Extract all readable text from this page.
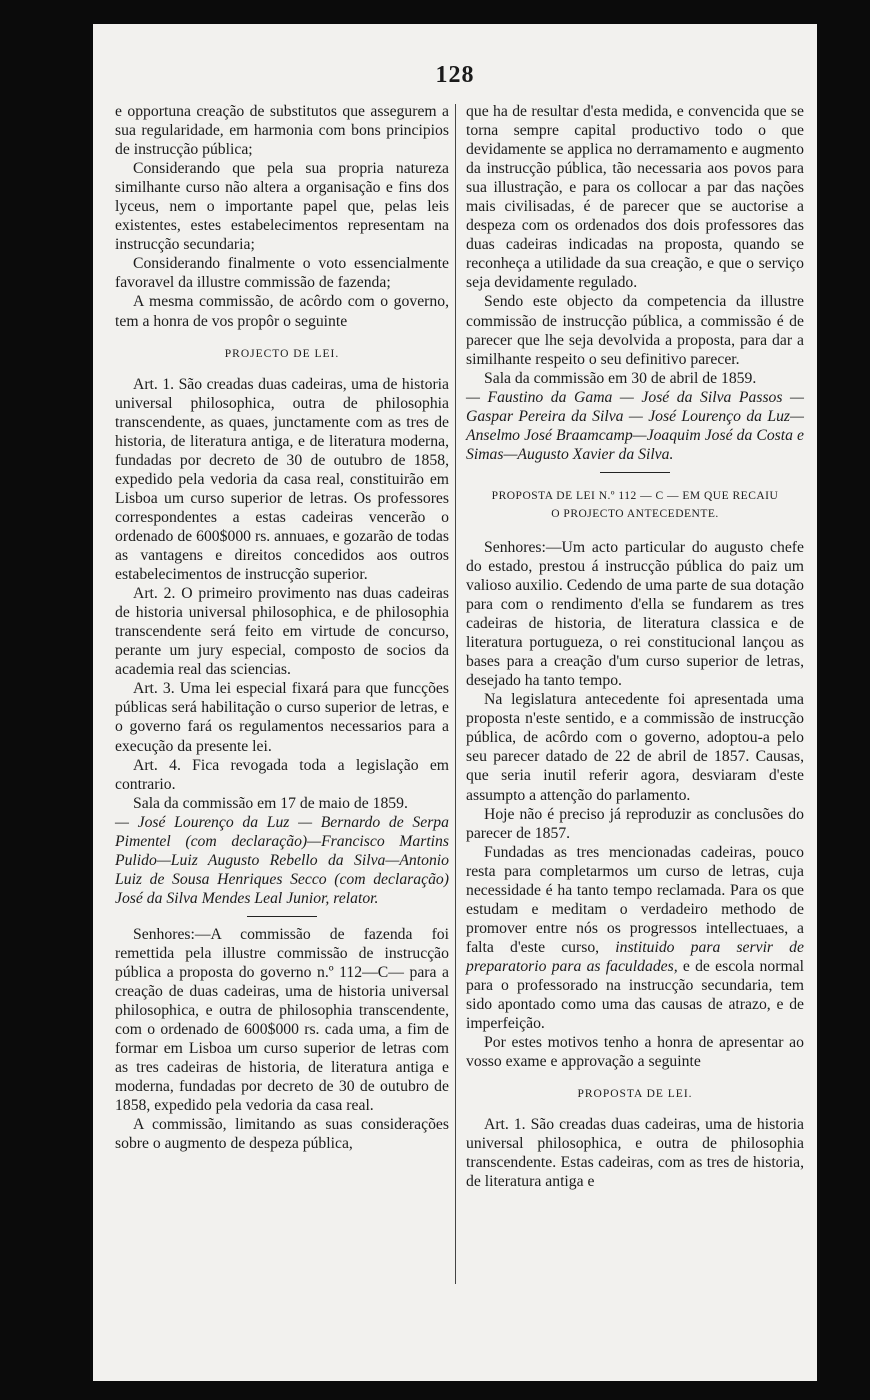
128

e opportuna creação de substitutos que assegurem a sua regularidade, em harmonia com bons principios de instrucção pública;

Considerando que pela sua propria natureza similhante curso não altera a organisação e fins dos lyceus, nem o importante papel que, pelas leis existentes, estes estabelecimentos representam na instrucção secundaria;

Considerando finalmente o voto essencialmente favoravel da illustre commissão de fazenda;

A mesma commissão, de acôrdo com o governo, tem a honra de vos propôr o seguinte

PROJECTO DE LEI.

Art. 1. São creadas duas cadeiras, uma de historia universal philosophica, outra de philosophia transcendente, as quaes, junctamente com as tres de historia, de literatura antiga, e de literatura moderna, fundadas por decreto de 30 de outubro de 1858, expedido pela vedoria da casa real, constituirão em Lisboa um curso superior de letras. Os professores correspondentes a estas cadeiras vencerão o ordenado de 600$000 rs. annuaes, e gozarão de todas as vantagens e direitos concedidos aos outros estabelecimentos de instrucção superior.

Art. 2. O primeiro provimento nas duas cadeiras de historia universal philosophica, e de philosophia transcendente será feito em virtude de concurso, perante um jury especial, composto de socios da academia real das sciencias.

Art. 3. Uma lei especial fixará para que funcções públicas será habilitação o curso superior de letras, e o governo fará os regulamentos necessarios para a execução da presente lei.

Art. 4. Fica revogada toda a legislação em contrario.

Sala da commissão em 17 de maio de 1859.

— José Lourenço da Luz — Bernardo de Serpa Pimentel (com declaração)—Francisco Martins Pulido—Luiz Augusto Rebello da Silva—Antonio Luiz de Sousa Henriques Secco (com declaração) José da Silva Mendes Leal Junior, relator.

Senhores:—A commissão de fazenda foi remettida pela illustre commissão de instrucção pública a proposta do governo n.º 112—C— para a creação de duas cadeiras, uma de historia universal philosophica, e outra de philosophia transcendente, com o ordenado de 600$000 rs. cada uma, a fim de formar em Lisboa um curso superior de letras com as tres cadeiras de historia, de literatura antiga e moderna, fundadas por decreto de 30 de outubro de 1858, expedido pela vedoria da casa real.

A commissão, limitando as suas considerações sobre o augmento de despeza pública,

que ha de resultar d'esta medida, e convencida que se torna sempre capital productivo todo o que devidamente se applica no derramamento e augmento da instrucção pública, tão necessaria aos povos para sua illustração, e para os collocar a par das nações mais civilisadas, é de parecer que se auctorise a despeza com os ordenados dos dois professores das duas cadeiras indicadas na proposta, quando se reconheça a utilidade da sua creação, e que o serviço seja devidamente regulado.

Sendo este objecto da competencia da illustre commissão de instrucção pública, a commissão é de parecer que lhe seja devolvida a proposta, para dar a similhante respeito o seu definitivo parecer.

Sala da commissão em 30 de abril de 1859.

— Faustino da Gama — José da Silva Passos —Gaspar Pereira da Silva — José Lourenço da Luz—Anselmo José Braamcamp—Joaquim José da Costa e Simas—Augusto Xavier da Silva.

PROPOSTA DE LEI N.º 112 — C — EM QUE RECAIU
O PROJECTO ANTECEDENTE.

Senhores:—Um acto particular do augusto chefe do estado, prestou á instrucção pública do paiz um valioso auxilio. Cedendo de uma parte de sua dotação para com o rendimento d'ella se fundarem as tres cadeiras de historia, de literatura classica e de literatura portugueza, o rei constitucional lançou as bases para a creação d'um curso superior de letras, desejado ha tanto tempo.

Na legislatura antecedente foi apresentada uma proposta n'este sentido, e a commissão de instrucção pública, de acôrdo com o governo, adoptou-a pelo seu parecer datado de 22 de abril de 1857. Causas, que seria inutil referir agora, desviaram d'este assumpto a attenção do parlamento.

Hoje não é preciso já reproduzir as conclusões do parecer de 1857.

Fundadas as tres mencionadas cadeiras, pouco resta para completarmos um curso de letras, cuja necessidade é ha tanto tempo reclamada. Para os que estudam e meditam o verdadeiro methodo de promover entre nós os progressos intellectuaes, a falta d'este curso, instituido para servir de preparatorio para as faculdades, e de escola normal para o professorado na instrucção secundaria, tem sido apontado como uma das causas de atrazo, e de imperfeição.

Por estes motivos tenho a honra de apresentar ao vosso exame e approvação a seguinte

PROPOSTA DE LEI.

Art. 1. São creadas duas cadeiras, uma de historia universal philosophica, e outra de philosophia transcendente. Estas cadeiras, com as tres de historia, de literatura antiga e
